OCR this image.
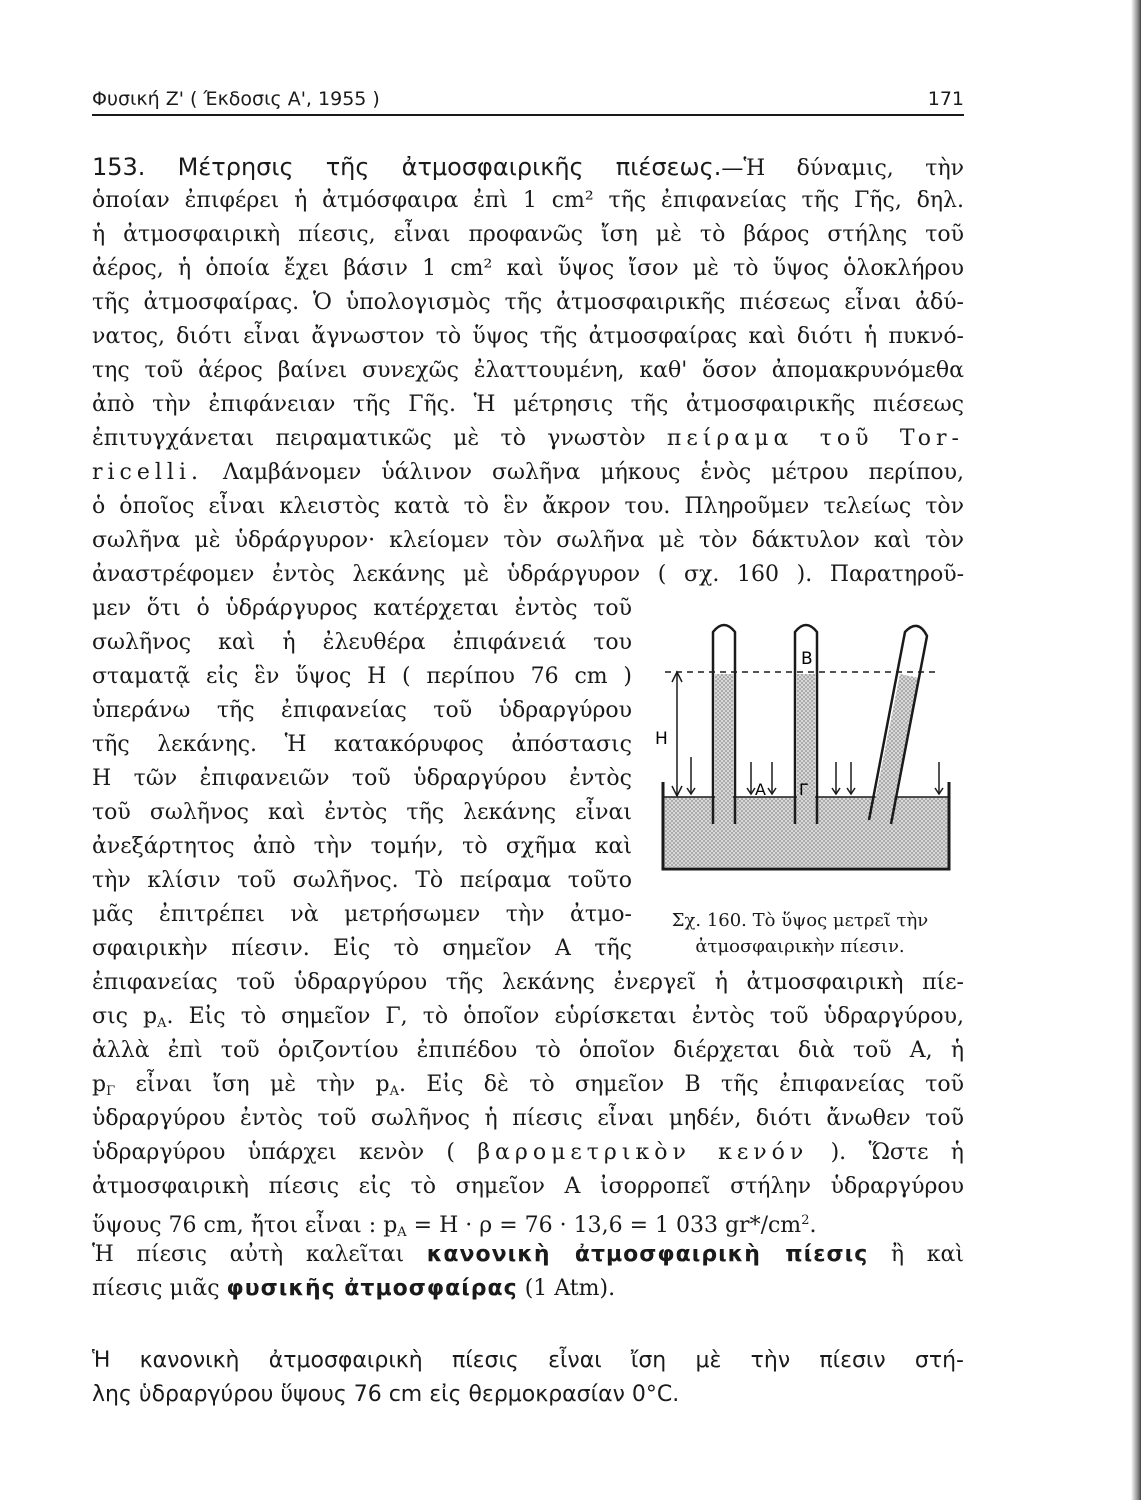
Φυσική Ζ' ( Έκδοσις Α', 1955 )	171
153. Μέτρησις τῆς ἀτμοσφαιρικῆς πιέσεως.—Ἡ δύναμις, τὴν
ὁποίαν ἐπιφέρει ἡ ἀτμόσφαιρα ἐπὶ 1 cm² τῆς ἐπιφανείας τῆς Γῆς, δηλ.
ἡ ἀτμοσφαιρικὴ πίεσις, εἶναι προφανῶς ἴση μὲ τὸ βάρος στήλης τοῦ
ἀέρος, ἡ ὁποία ἔχει βάσιν 1 cm² καὶ ὕψος ἴσον μὲ τὸ ὕψος ὁλοκλήρου
τῆς ἀτμοσφαίρας. Ὁ ὑπολογισμὸς τῆς ἀτμοσφαιρικῆς πιέσεως εἶναι ἀδύ-
νατος, διότι εἶναι ἄγνωστον τὸ ὕψος τῆς ἀτμοσφαίρας καὶ διότι ἡ πυκνό-
της τοῦ ἀέρος βαίνει συνεχῶς ἐλαττουμένη, καθ' ὅσον ἀπομακρυνόμεθα
ἀπὸ τὴν ἐπιφάνειαν τῆς Γῆς. Ἡ μέτρησις τῆς ἀτμοσφαιρικῆς πιέσεως
ἐπιτυγχάνεται πειραματικῶς μὲ τὸ γνωστὸν πείραμα τοῦ Tor-
ricelli. Λαμβάνομεν ὑάλινον σωλῆνα μήκους ἑνὸς μέτρου περίπου,
ὁ ὁποῖος εἶναι κλειστὸς κατὰ τὸ ἓν ἄκρον του. Πληροῦμεν τελείως τὸν
σωλῆνα μὲ ὑδράργυρον· κλείομεν τὸν σωλῆνα μὲ τὸν δάκτυλον καὶ τὸν
ἀναστρέφομεν ἐντὸς λεκάνης μὲ ὑδράργυρον ( σχ. 160 ). Παρατηροῦ-
μεν ὅτι ὁ ὑδράργυρος κατέρχεται ἐντὸς τοῦ
σωλῆνος καὶ ἡ ἐλευθέρα ἐπιφάνειά του
σταματᾷ εἰς ἓν ὕψος Η ( περίπου 76 cm )
ὑπεράνω τῆς ἐπιφανείας τοῦ ὑδραργύρου
τῆς λεκάνης. Ἡ κατακόρυφος ἀπόστασις
Η τῶν ἐπιφανειῶν τοῦ ὑδραργύρου ἐντὸς
τοῦ σωλῆνος καὶ ἐντὸς τῆς λεκάνης εἶναι
ἀνεξάρτητος ἀπὸ τὴν τομήν, τὸ σχῆμα καὶ
τὴν κλίσιν τοῦ σωλῆνος. Τὸ πείραμα τοῦτο
μᾶς ἐπιτρέπει νὰ μετρήσωμεν τὴν ἀτμο-
σφαιρικὴν πίεσιν. Εἰς τὸ σημεῖον Α τῆς
Β
Η
Α Γ
Σχ. 160. Τὸ ὕψος μετρεῖ τὴν
ἀτμοσφαιρικὴν πίεσιν.
ἐπιφανείας τοῦ ὑδραργύρου τῆς λεκάνης ἐνεργεῖ ἡ ἀτμοσφαιρικὴ πίε-
σις $p_A$. Εἰς τὸ σημεῖον Γ, τὸ ὁποῖον εὑρίσκεται ἐντὸς τοῦ ὑδραργύρου,
ἀλλὰ ἐπὶ τοῦ ὁριζοντίου ἐπιπέδου τὸ ὁποῖον διέρχεται διὰ τοῦ Α, ἡ
$p_\Gamma$ εἶναι ἴση μὲ τὴν $p_A$. Εἰς δὲ τὸ σημεῖον Β τῆς ἐπιφανείας τοῦ
ὑδραργύρου ἐντὸς τοῦ σωλῆνος ἡ πίεσις εἶναι μηδέν, διότι ἄνωθεν τοῦ
ὑδραργύρου ὑπάρχει κενὸν ( βαρομετρικὸν κενόν ). Ὥστε ἡ
ἀτμοσφαιρικὴ πίεσις εἰς τὸ σημεῖον Α ἰσορροπεῖ στήλην ὑδραργύρου
ὕψους 76 cm, ἤτοι εἶναι : $p_A = H \cdot \rho = 76 \cdot 13,6 = 1$ 033 $gr*/cm^2$.
Ἡ πίεσις αὐτὴ καλεῖται κανονικὴ ἀτμοσφαιρικὴ πίεσις ἢ καὶ
πίεσις μιᾶς φυσικῆς ἀτμοσφαίρας (1 Atm).
Ἡ κανονικὴ ἀτμοσφαιρικὴ πίεσις εἶναι ἴση μὲ τὴν πίεσιν στή-
λης ὑδραργύρου ὕψους 76 cm εἰς θερμοκρασίαν 0°C.
